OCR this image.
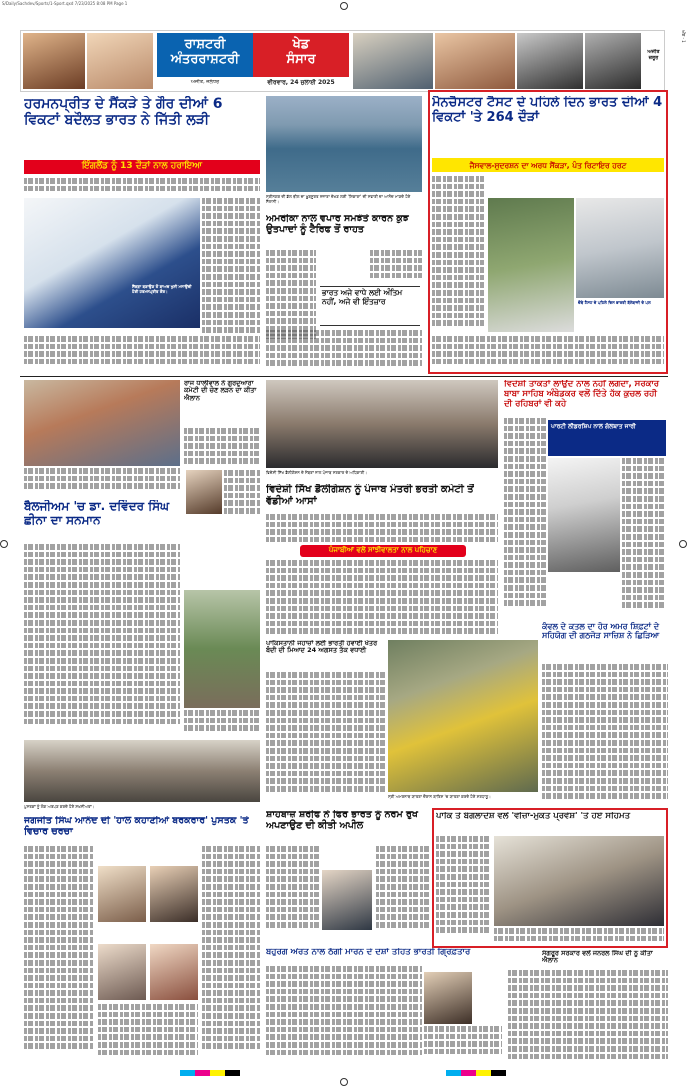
S/Daily/Sachdev/Sports/1-Sport.qxd 7/23/2025 8:08 PM Page 1
ਰਾਸ਼ਟਰੀ
ਅੰਤਰਰਾਸ਼ਟਰੀ
ਖੇਡ
ਸੰਸਾਰ
ਅਜੀਤ, ਜਲੰਧਰ	ਵੀਰਵਾਰ, 24 ਜੁਲਾਈ 2025
ਅਜੀਤ ਜ਼ਰੂਰ
ਅੰਕ - 1
ਹਰਮਨਪ੍ਰੀਤ ਦੇ ਸੈਂਕੜੇ ਤੇ ਗੌਰ ਦੀਆਂ 6 ਵਿਕਟਾਂ ਬਦੌਲਤ ਭਾਰਤ ਨੇ ਜਿੱਤੀ ਲੜੀ
ਇੰਗਲੈਂਡ ਨੂੰ 13 ਦੌੜਾਂ ਨਾਲ ਹਰਾਇਆ
ਸੈਂਕੜਾ ਬਣਾਉਣ ਤੋਂ ਬਾਅਦ ਖੁਸ਼ੀ ਮਨਾਉਂਦੀ ਹੋਈ ਹਰਮਨਪ੍ਰੀਤ ਕੌਰ।
ਸ੍ਰੀਨਗਰ ਦੀ ਡੱਲ ਝੀਲ ਦਾ ਖ਼ੂਬਸੂਰਤ ਨਜ਼ਾਰਾ ਦੇਖਣ ਲਈ 'ਸ਼ਿਕਾਰਾ' ਦੀ ਸਵਾਰੀ ਦਾ ਆਨੰਦ ਮਾਣਦੇ ਹੋਏ ਸੈਲਾਨੀ।
ਅਮਰੀਕਾ ਨਾਲ ਵਪਾਰ ਸਮਝੌਤੇ ਕਾਰਨ ਕੁਝ ਉਤਪਾਦਾਂ ਨੂੰ ਟੈਰਿਫ ਤੋਂ ਰਾਹਤ
ਭਾਰਤ ਅਜੇ ਵਾਧੇ ਲਈ ਅੰਤਿਮ ਨਹੀਂ, ਅਜੇ ਵੀ ਇੰਤਜ਼ਾਰ
ਮੈਨਚੈਸਟਰ ਟੈਸਟ ਦੇ ਪਹਿਲੇ ਦਿਨ ਭਾਰਤ ਦੀਆਂ 4 ਵਿਕਟਾਂ 'ਤੇ 264 ਦੌੜਾਂ
ਜੈਸਵਾਲ-ਸੁਦਰਸ਼ਨ ਦਾ ਅਰਧ ਸੈਂਕੜਾ, ਪੰਤ ਰਿਟਾਇਰ ਹਰਟ
ਚੌਥੇ ਟੈਸਟ ਦੇ ਪਹਿਲੇ ਦਿਨ ਭਾਰਤੀ ਬੱਲੇਬਾਜ਼ੀ ਦੇ ਪਲ
ਰਾਜ ਧਾਲੀਵਾਲ ਨੇ ਗੁਰਦੁਆਰਾ ਕਮੇਟੀ ਦੀ ਚੋਣ ਲੜਨ ਦਾ ਕੀਤਾ ਐਲਾਨ
ਬੈਲਜੀਅਮ 'ਚ ਡਾ. ਦਵਿੰਦਰ ਸਿੰਘ ਛੀਨਾ ਦਾ ਸਨਮਾਨ
ਵਿਦੇਸ਼ੀ ਸਿੱਖ ਡੈਲੀਗੇਸ਼ਨ ਦੇ ਮੈਂਬਰਾਂ ਨਾਲ ਪੰਜਾਬ ਸਰਕਾਰ ਦੇ ਅਧਿਕਾਰੀ।
ਵਿਦੇਸ਼ੀ ਸਿੱਖ ਡੈਲੀਗੇਸ਼ਨ ਨੂੰ ਪੰਜਾਬ ਮੰਤਰੀ ਭਰਤੀ ਕਮੇਟੀ ਤੋਂ ਵੱਡੀਆਂ ਆਸਾਂ
ਪੰਜਾਬੀਆਂ ਵਲੋਂ ਸਾਂਝੀਵਾਲਤਾ ਨਾਲ ਪਹਿਚਾਣ
ਵਿਦੇਸ਼ੀ ਤਾਕਤਾਂ ਲਾਉਂਦ ਨਾਲ ਨਹੀਂ ਲਗਦਾ, ਸਰਕਾਰ ਬਾਬਾ ਸਾਹਿਬ ਅੰਬੇਡਕਰ ਵਲੋਂ ਦਿੱਤੇ ਹੱਕ ਕੁਚਲ ਰਹੀ ਦੀ ਰਹਿਬਰਾਂ ਵੀ ਕਹੇ
ਪਾਰਟੀ ਲੀਡਰਸ਼ਿਪ ਨਾਲ ਗੱਲਬਾਤ ਜਾਰੀ
ਪਾਕਿਸਤਾਨੀ ਜਹਾਜ਼ਾਂ ਲਈ ਭਾਰਤੀ ਹਵਾਈ ਖੇਤਰ ਬੰਦੀ ਦੀ ਮਿਆਦ 24 ਅਗਸਤ ਤੱਕ ਵਧਾਈ
ਸ੍ਰੀ ਅਮਰਨਾਥ ਯਾਤਰਾ ਦੌਰਾਨ ਬਾਰਿਸ਼ 'ਚ ਯਾਤਰਾ ਕਰਦੇ ਹੋਏ ਸ਼ਰਧਾਲੂ।
ਕੰਵਲ ਦੇ ਕਤਲ ਦਾ ਹੋਰ ਅਮਰ ਸ਼ਿਫ਼ਟਾਂ ਦੇ ਸਹਿਯੋਗ ਦੀ ਗਠਜੋੜ ਸਾਜ਼ਿਸ਼ ਨੇ ਛਿੜਿਆ
ਪੁਸਤਕਾਂ ਨੂੰ ਲੋਕ ਅਰਪਣ ਕਰਦੇ ਹੋਏ ਸ਼ਖ਼ਸੀਅਤਾਂ।
ਜਗਜੀਤ ਸਿੰਘ ਆਨੰਦ ਦੀ 'ਹਾਲ ਕਹਾਣੀਆਂ ਬਰਕਰਾਰ' ਪੁਸਤਕ 'ਤੇ ਵਿਚਾਰ ਚਰਚਾ
ਸ਼ਾਹਬਾਜ਼ ਸ਼ਰੀਫ ਨੇ ਫਿਰ ਭਾਰਤ ਨੂੰ ਨਰਮ ਰੁਖ ਅਪਣਾਉਣ ਦੀ ਕੀਤੀ ਅਪੀਲ
ਪਾਕਿ ਤੇ ਬੰਗਲਾਦੇਸ਼ ਵਲੋਂ 'ਵੀਜ਼ਾ-ਮੁਕਤ ਪ੍ਰਵੇਸ਼' 'ਤੇ ਹੋਏ ਸਹਿਮਤ
ਬਹੁਰਗ ਔਰਤ ਨਾਲ ਠੱਗੀ ਮਾਰਨ ਦੇ ਦੋਸ਼ਾਂ ਤਹਿਤ ਭਾਰਤੀ ਗ੍ਰਿਫ਼ਤਾਰ	ਸੰਗਰੂਰ ਸਰਕਾਰ ਵਲੋਂ ਜਨਰਲ ਸਿੰਘ ਦੀ ਨੂੰ ਕੀਤਾ ਐਲਾਨ
